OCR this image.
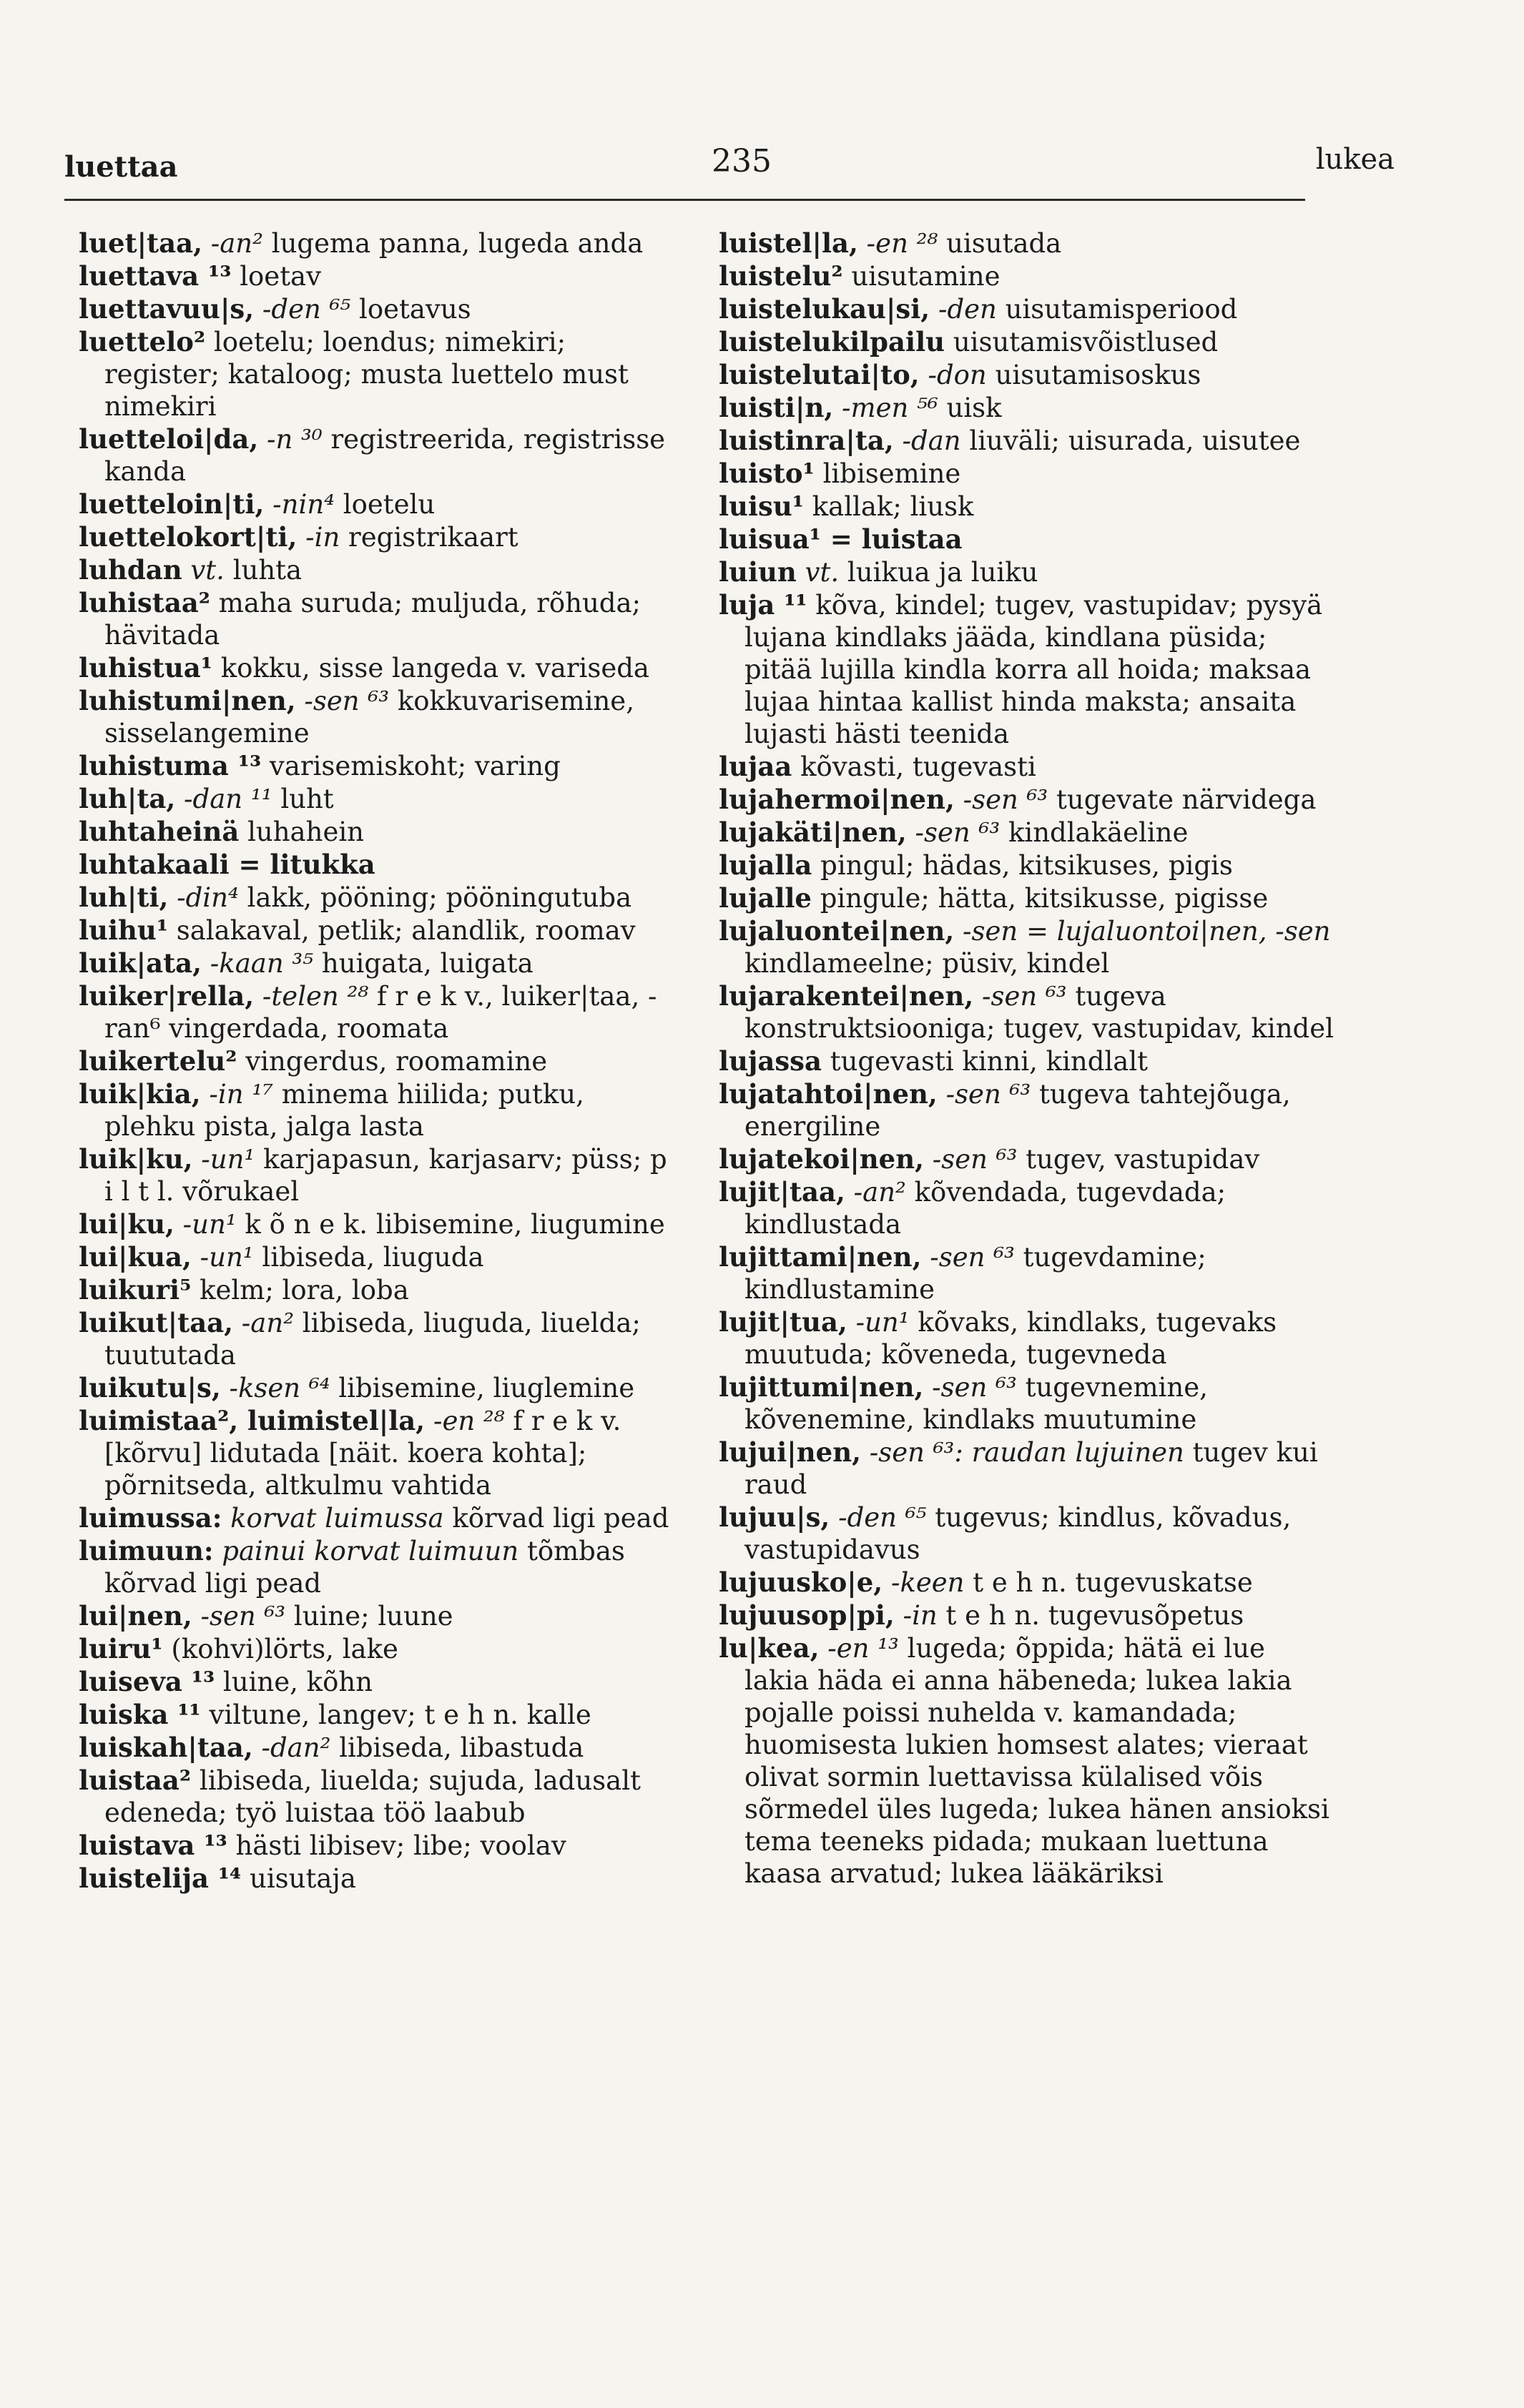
luettaa	235	lukea

luet|taa, -an² lugema panna, lugeda anda

luettava ¹³ loetav

luettavuu|s, -den ⁶⁵ loetavus

luettelo² loetelu; loendus; nimekiri; register; kataloog; musta luettelo must nimekiri

luetteloi|da, -n ³⁰ registreerida, registrisse kanda

luetteloin|ti, -nin⁴ loetelu

luettelokort|ti, -in registrikaart

luhdan vt. luhta

luhistaa² maha suruda; muljuda, rõhuda; hävitada

luhistua¹ kokku, sisse langeda v. variseda

luhistumi|nen, -sen ⁶³ kokkuvarisemine, sisselangemine

luhistuma ¹³ varisemiskoht; varing

luh|ta, -dan ¹¹ luht

luhtaheinä luhahein

luhtakaali = litukka

luh|ti, -din⁴ lakk, pööning; pööningutuba

luihu¹ salakaval, petlik; alandlik, roomav

luik|ata, -kaan ³⁵ huigata, luigata

luiker|rella, -telen ²⁸ f r e k v., luiker|taa, -ran⁶ vingerdada, roomata

luikertelu² vingerdus, roomamine

luik|kia, -in ¹⁷ minema hiilida; putku, plehku pista, jalga lasta

luik|ku, -un¹ karjapasun, karjasarv; püss; p i l t l. võrukael

lui|ku, -un¹ k õ n e k. libisemine, liugumine

lui|kua, -un¹ libiseda, liuguda

luikuri⁵ kelm; lora, loba

luikut|taa, -an² libiseda, liuguda, liueldа; tuututada

luikutu|s, -ksen ⁶⁴ libisemine, liuglemine

luimistaa², luimistel|la, -en ²⁸ f r e k v. [kõrvu] lidutada [näit. koera kohta]; põrnitseda, altkulmu vahtida

luimussa: korvat luimussa kõrvad ligi pead

luimuun: painui korvat luimuun tõmbas kõrvad ligi pead

lui|nen, -sen ⁶³ luine; luune

luiru¹ (kohvi)lörts, lake

luiseva ¹³ luine, kõhn

luiska ¹¹ viltune, langev; t e h n. kalle

luiskah|taa, -dan² libiseda, libastuda

luistaa² libiseda, liuelda; sujuda, ladusalt edeneda; työ luistaa töö laabub

luistava ¹³ hästi libisev; libe; voolav

luistelija ¹⁴ uisutaja

luistel|la, -en ²⁸ uisutada

luistelu² uisutamine

luistelukau|si, -den uisutamisperiood

luistelukilpailu uisutamisvõistlused

luistelutai|to, -don uisutamisoskus

luisti|n, -men ⁵⁶ uisk

luistinra|ta, -dan liuväli; uisurada, uisutee

luisto¹ libisemine

luisu¹ kallak; liusk

luisua¹ = luistaa

luiun vt. luikua ja luiku

luja ¹¹ kõva, kindel; tugev, vastupidav; pysyä lujana kindlaks jääda, kindlana püsida; pitää lujilla kindla korra all hoida; maksaa lujaa hintaa kallist hinda maksta; ansaita lujasti hästi teenida

lujaa kõvasti, tugevasti

lujahermoi|nen, -sen ⁶³ tugevate närvidega

lujakäti|nen, -sen ⁶³ kindlakäeline

lujalla pingul; hädas, kitsikuses, pigis

lujalle pingule; hätta, kitsikusse, pigisse

lujaluontei|nen, -sen = lujaluontoi|nen, -sen kindlameelne; püsiv, kindel

lujarakentei|nen, -sen ⁶³ tugeva konstruktsiooniga; tugev, vastupidav, kindel

lujassa tugevasti kinni, kindlalt

lujatahtoi|nen, -sen ⁶³ tugeva tahtejõuga, energiline

lujatekoi|nen, -sen ⁶³ tugev, vastupidav

lujit|taa, -an² kõvendada, tugevdada; kindlustada

lujittami|nen, -sen ⁶³ tugevdamine; kindlustamine

lujit|tua, -un¹ kõvaks, kindlaks, tugevaks muutuda; kõveneda, tugevneda

lujittumi|nen, -sen ⁶³ tugevnemine, kõvenemine, kindlaks muutumine

lujui|nen, -sen ⁶³: raudan lujuinen tugev kui raud

lujuu|s, -den ⁶⁵ tugevus; kindlus, kõvadus, vastupidavus

lujuusko|e, -keen t e h n. tugevuskatse

lujuusop|pi, -in t e h n. tugevusõpetus

lu|kea, -en ¹³ lugeda; õppida; hätä ei lue lakia häda ei anna häbeneda; lukea lakia pojalle poissi nuhelda v. kamandada; huomisesta lukien homsest alates; vieraat olivat sormin luettavissa külalised võis sõrmedel üles lugeda; lukea hänen ansioksi tema teeneks pidada; mukaan luettuna kaasa arvatud; lukea lääkäriksi
